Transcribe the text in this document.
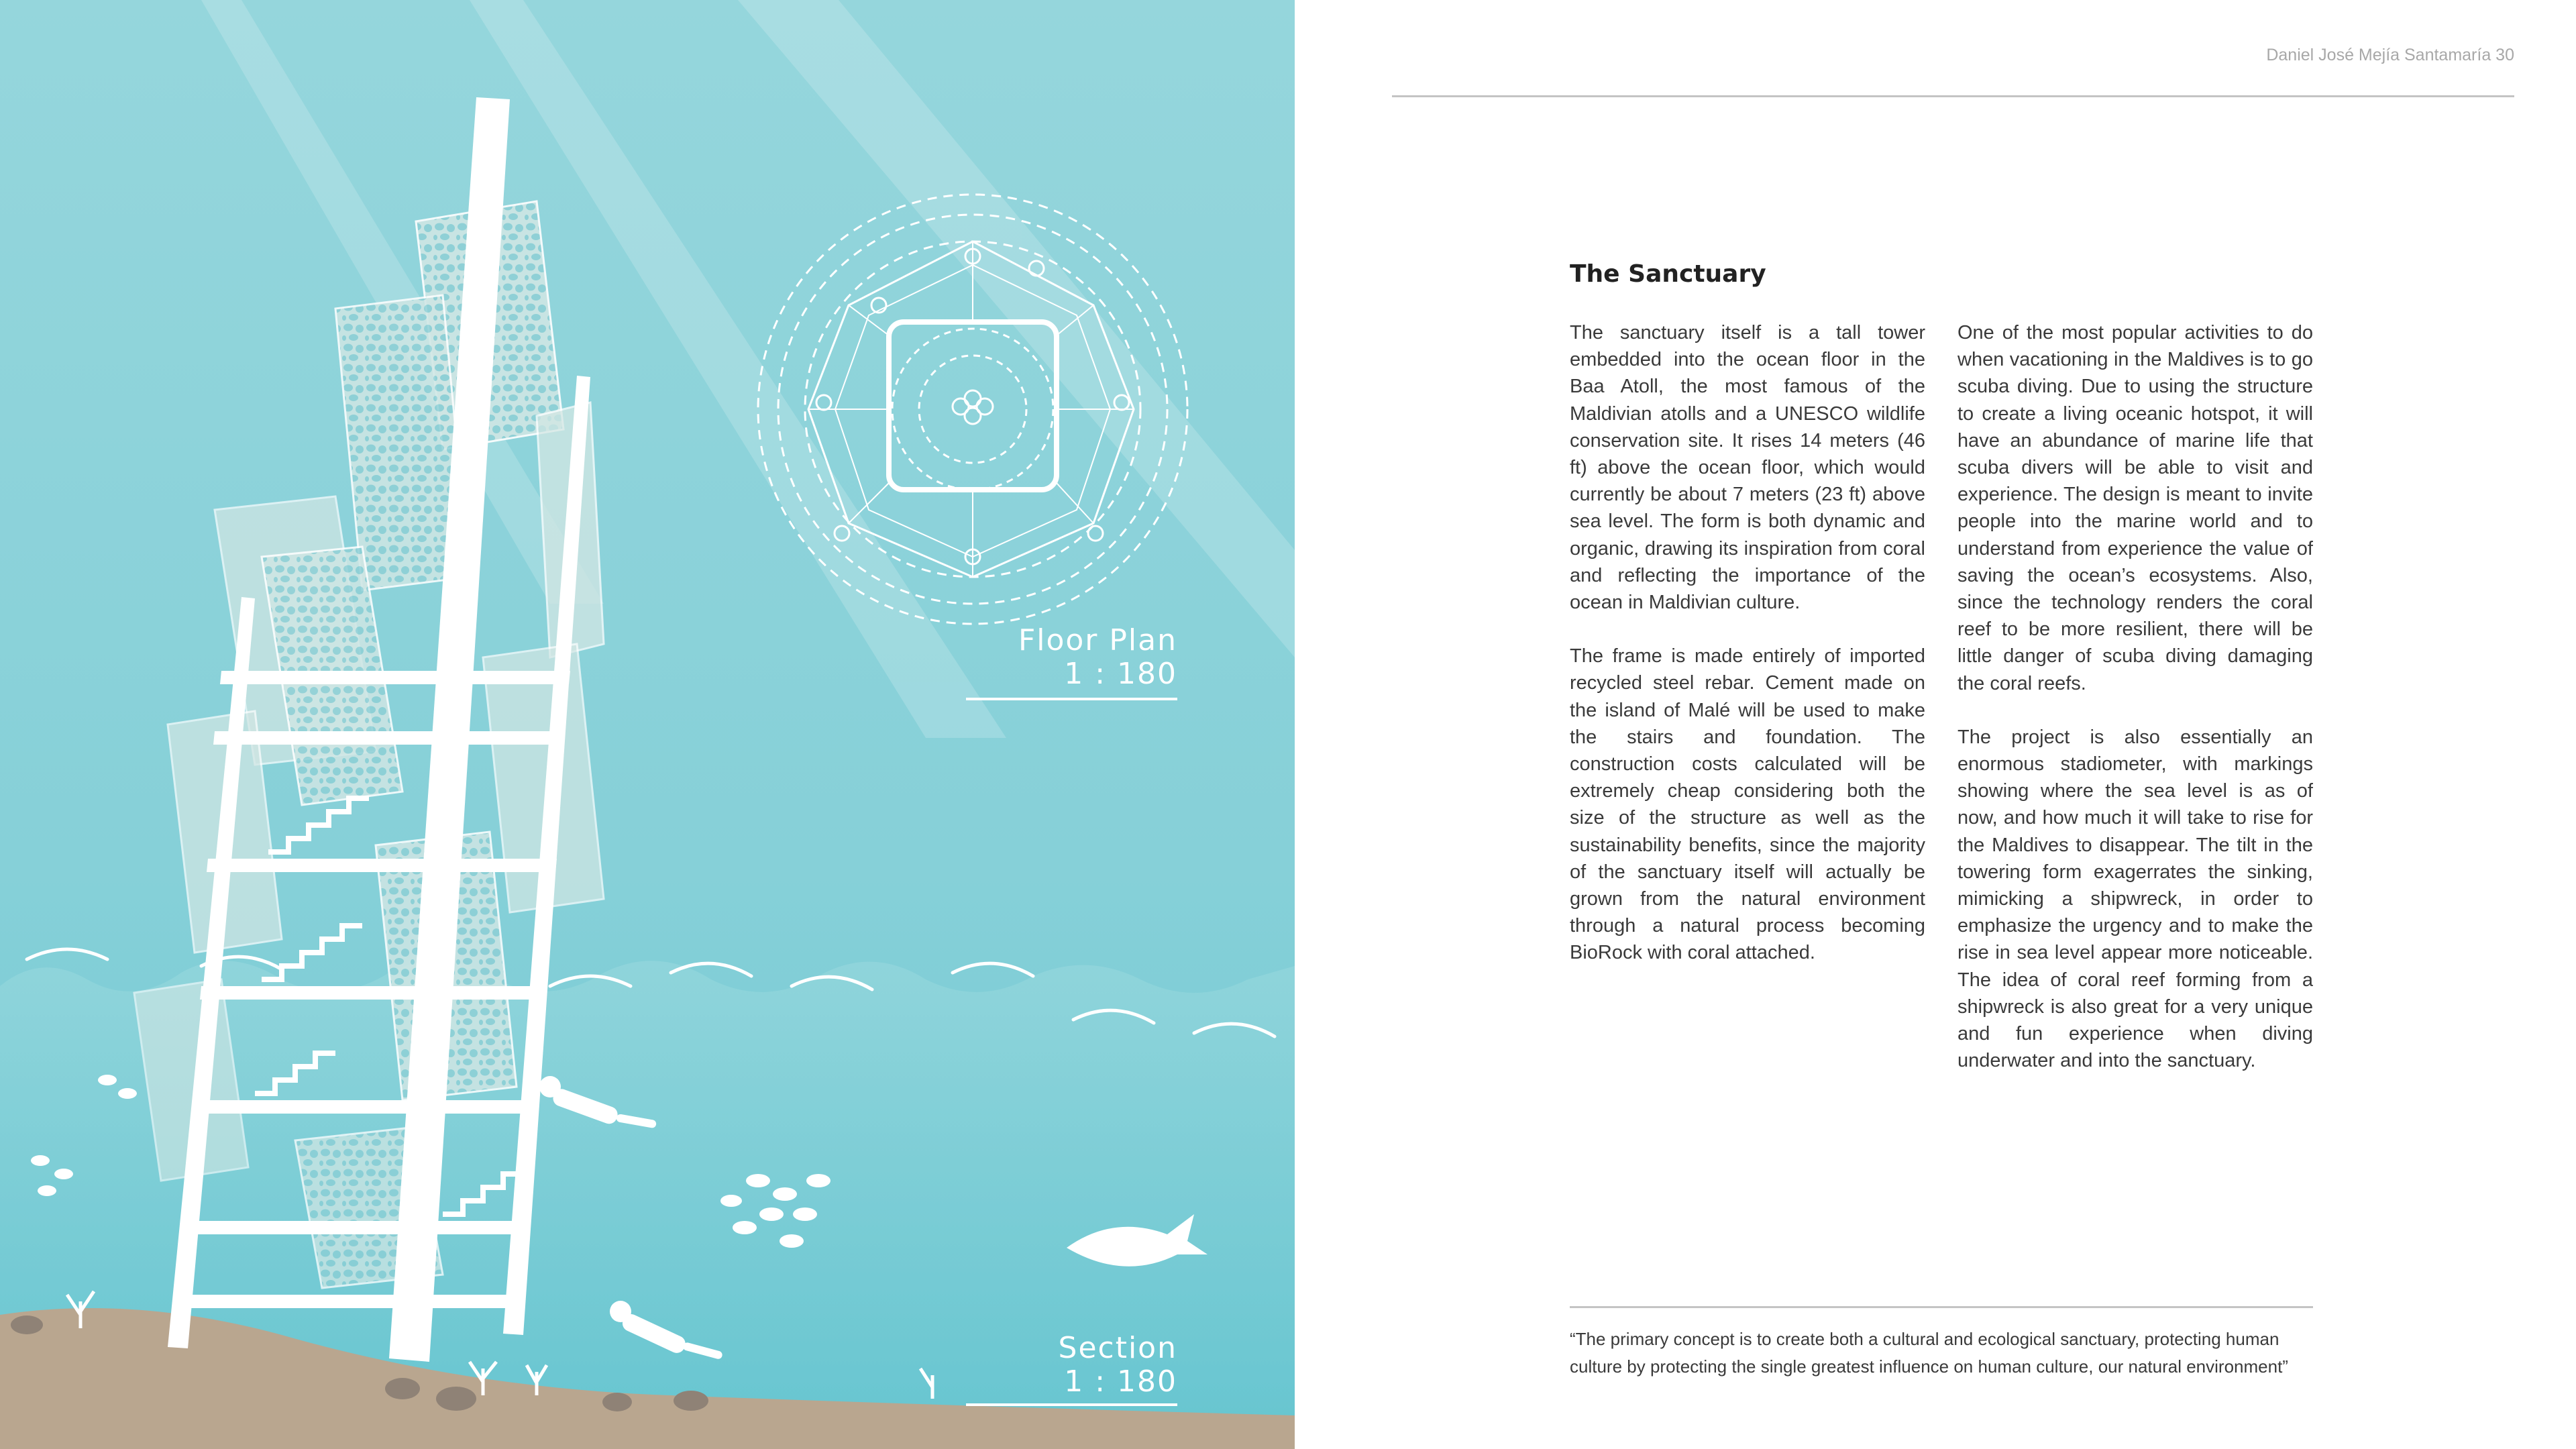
Floor Plan
1 : 180
Section
1 : 180
Daniel José Mejía Santamaría 30
The Sanctuary

The sanctuary itself is a tall tower embedded into the ocean floor in the Baa Atoll, the most famous of the Maldivian atolls and a UNESCO wildlife conservation site. It rises 14 meters (46 ft) above the ocean floor, which would currently be about 7 meters (23 ft) above sea level. The form is both dynamic and organic, drawing its inspiration from coral and reflecting the importance of the ocean in Maldivian culture.

The frame is made entirely of imported recycled steel rebar. Cement made on the island of Malé will be used to make the stairs and foundation. The construction costs calculated will be extremely cheap considering both the size of the structure as well as the sustainability benefits, since the majority of the sanctuary itself will actually be grown from the natural environment through a natural process becoming BioRock with coral attached.

One of the most popular activities to do when vacationing in the Maldives is to go scuba diving. Due to using the structure to create a living oceanic hotspot, it will have an abundance of marine life that scuba divers will be able to visit and experience. The design is meant to invite people into the marine world and to understand from experience the value of saving the ocean’s ecosystems. Also, since the technology renders the coral reef to be more resilient, there will be little danger of scuba diving damaging the coral reefs.

The project is also essentially an enormous stadiometer, with markings showing where the sea level is as of now, and how much it will take to rise for the Maldives to disappear. The tilt in the towering form exagerrates the sinking, mimicking a shipwreck, in order to emphasize the urgency and to make the rise in sea level appear more noticeable. The idea of coral reef forming from a shipwreck is also great for a very unique and fun experience when diving underwater and into the sanctuary.

“The primary concept is to create both a cultural and ecological sanctuary, protecting human culture by protecting the single greatest influence on human culture, our natural environment”
